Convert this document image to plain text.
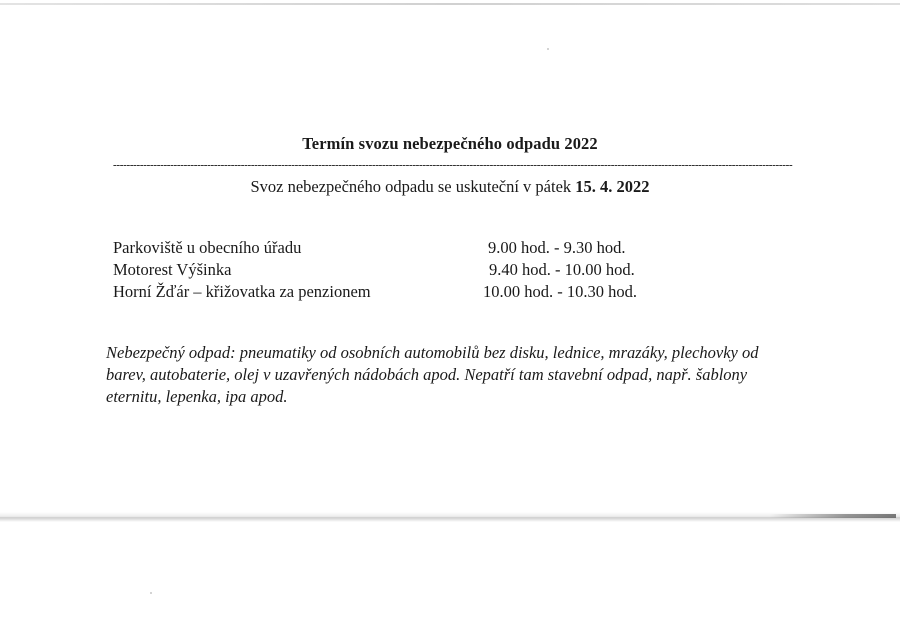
Termín svozu nebezpečného odpadu 2022
----------------------------------------------------------------------------------------------------------------------------------------------------------------------------------------------------------
Svoz nebezpečného odpadu se uskuteční v pátek 15. 4. 2022
Parkoviště u obecního úřadu	9.00 hod. - 9.30 hod.
Motorest Výšinka	9.40 hod. - 10.00 hod.
Horní Žďár – křižovatka za penzionem	10.00 hod. - 10.30 hod.
Nebezpečný odpad: pneumatiky od osobních automobilů bez disku, lednice, mrazáky, plechovky od barev, autobaterie, olej v uzavřených nádobách apod. Nepatří tam stavební odpad, např. šablony eternitu, lepenka, ipa apod.
